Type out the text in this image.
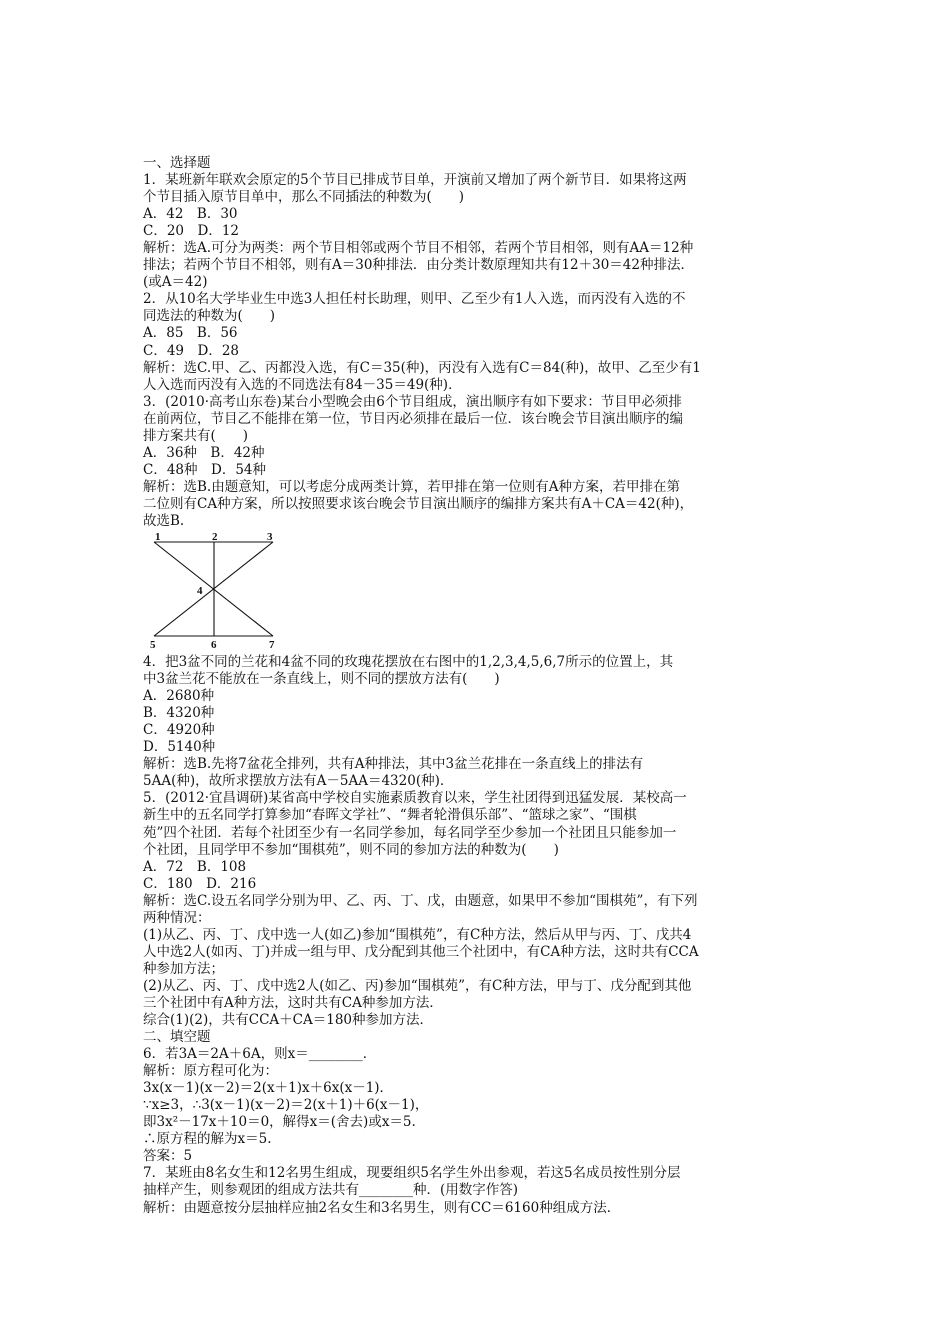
一、选择题
1．某班新年联欢会原定的5个节目已排成节目单，开演前又增加了两个新节目．如果将这两
个节目插入原节目单中，那么不同插法的种数为(　　)
A．42　B．30
C．20　D．12
解析：选A.可分为两类：两个节目相邻或两个节目不相邻，若两个节目相邻，则有AA＝12种
排法；若两个节目不相邻，则有A＝30种排法．由分类计数原理知共有12＋30＝42种排法．
(或A＝42)
2．从10名大学毕业生中选3人担任村长助理，则甲、乙至少有1人入选，而丙没有入选的不
同选法的种数为(　　)
A．85　B．56
C．49　D．28
解析：选C.甲、乙、丙都没入选，有C＝35(种)，丙没有入选有C＝84(种)，故甲、乙至少有1
人入选而丙没有入选的不同选法有84－35＝49(种)．
3．(2010·高考山东卷)某台小型晚会由6个节目组成，演出顺序有如下要求：节目甲必须排
在前两位，节目乙不能排在第一位，节目丙必须排在最后一位．该台晚会节目演出顺序的编
排方案共有(　　)
A．36种　B．42种
C．48种　D．54种
解析：选B.由题意知，可以考虑分成两类计算，若甲排在第一位则有A种方案，若甲排在第
二位则有CA种方案，所以按照要求该台晚会节目演出顺序的编排方案共有A＋CA＝42(种)，
故选B.
1	2	3
4
5	6	7
4．把3盆不同的兰花和4盆不同的玫瑰花摆放在右图中的1,2,3,4,5,6,7所示的位置上，其
中3盆兰花不能放在一条直线上，则不同的摆放方法有(　　)
A．2680种
B．4320种
C．4920种
D．5140种
解析：选B.先将7盆花全排列，共有A种排法，其中3盆兰花排在一条直线上的排法有
5AA(种)，故所求摆放方法有A－5AA＝4320(种)．
5．(2012·宜昌调研)某省高中学校自实施素质教育以来，学生社团得到迅猛发展．某校高一
新生中的五名同学打算参加“春晖文学社”、“舞者轮滑俱乐部”、“篮球之家”、“围棋
苑”四个社团．若每个社团至少有一名同学参加，每名同学至少参加一个社团且只能参加一
个社团，且同学甲不参加“围棋苑”，则不同的参加方法的种数为(　　)
A．72　B．108
C．180　D．216
解析：选C.设五名同学分别为甲、乙、丙、丁、戊，由题意，如果甲不参加“围棋苑”，有下列
两种情况：
(1)从乙、丙、丁、戊中选一人(如乙)参加“围棋苑”，有C种方法，然后从甲与丙、丁、戊共4
人中选2人(如丙、丁)并成一组与甲、戊分配到其他三个社团中，有CA种方法，这时共有CCA
种参加方法；
(2)从乙、丙、丁、戊中选2人(如乙、丙)参加“围棋苑”，有C种方法，甲与丁、戊分配到其他
三个社团中有A种方法，这时共有CA种参加方法．
综合(1)(2)，共有CCA＋CA＝180种参加方法．
二、填空题
6．若3A＝2A＋6A，则x＝________．
解析：原方程可化为：
3x(x－1)(x－2)＝2(x＋1)x＋6x(x－1)．
∵x≥3，∴3(x－1)(x－2)＝2(x＋1)＋6(x－1)，
即3x²－17x＋10＝0，解得x＝(舍去)或x＝5.
∴原方程的解为x＝5.
答案：5
7．某班由8名女生和12名男生组成，现要组织5名学生外出参观，若这5名成员按性别分层
抽样产生，则参观团的组成方法共有________种．(用数字作答)
解析：由题意按分层抽样应抽2名女生和3名男生，则有CC＝6160种组成方法．
